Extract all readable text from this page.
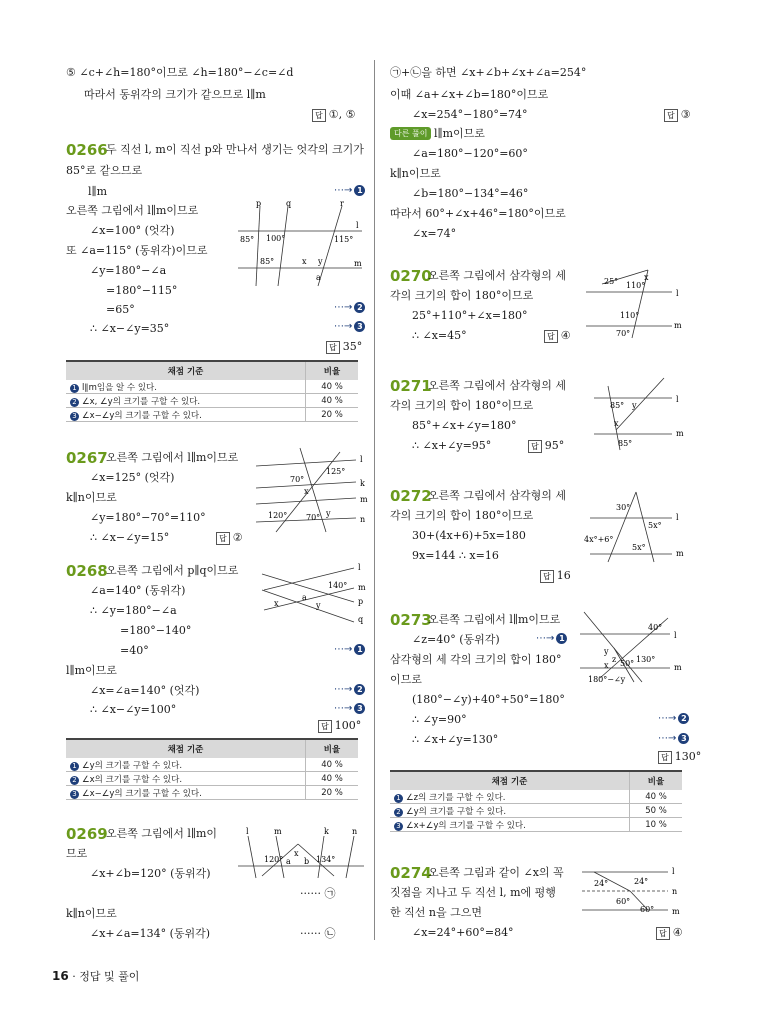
⑤ ∠c+∠h=180°이므로 ∠h=180°−∠c=∠d
따라서 동위각의 크기가 같으므로 l∥m
답 ①, ⑤
0266
두 직선 l, m이 직선 p와 만나서 생기는 엇각의 크기가
85°로 같으므로
l∥m	⋯→ 1
오른쪽 그림에서 l∥m이므로
∠x=100° (엇각)
또 ∠a=115° (동위각)이므로
∠y=180°−∠a
=180°−115°
=65°	⋯→ 2
∴ ∠x−∠y=35°	⋯→ 3
답 35°
p	q	r
l
m
85° 100°	115°
85°	x y
a
채점 기준	비율
1 l∥m임을 알 수 있다.	40 %
2 ∠x, ∠y의 크기를 구할 수 있다.	40 %
3 ∠x−∠y의 크기를 구할 수 있다.	20 %
0267
오른쪽 그림에서 l∥m이므로
∠x=125° (엇각)
k∥n이므로
∠y=180°−70°=110°
∴ ∠x−∠y=15°	답 ②
l
k
m
n
125°
70°
x
120° 70° y
0268
오른쪽 그림에서 p∥q이므로
∠a=140° (동위각)
∴ ∠y=180°−∠a
=180°−140°
=40°	⋯→ 1
l∥m이므로
∠x=∠a=140° (엇각)	⋯→ 2
∴ ∠x−∠y=100°	⋯→ 3
답 100°
l
m
p
q
140°
x
a
y
채점 기준	비율
1 ∠y의 크기를 구할 수 있다.	40 %
2 ∠x의 크기를 구할 수 있다.	40 %
3 ∠x−∠y의 크기를 구할 수 있다.	20 %
0269
오른쪽 그림에서 l∥m이
므로
∠x+∠b=120° (동위각)
······ ㉠
k∥n이므로
∠x+∠a=134° (동위각)	······ ㉡
l	m	k	n
120°
x
a b 134°
㉠+㉡을 하면 ∠x+∠b+∠x+∠a=254°
이때 ∠a+∠x+∠b=180°이므로
∠x=254°−180°=74°	답 ③
다른 풀이 l∥m이므로
∠a=180°−120°=60°
k∥n이므로
∠b=180°−134°=46°
따라서 60°+∠x+46°=180°이므로
∠x=74°
0270
오른쪽 그림에서 삼각형의 세
각의 크기의 합이 180°이므로
25°+110°+∠x=180°
∴ ∠x=45°	답 ④
25° 110°
x
l
110°
70°
m
0271
오른쪽 그림에서 삼각형의 세
각의 크기의 합이 180°이므로
85°+∠x+∠y=180°
∴ ∠x+∠y=95°	답 95°
85° y
l
x
85°
m
0272
오른쪽 그림에서 삼각형의 세
각의 크기의 합이 180°이므로
30+(4x+6)+5x=180
9x=144 ∴ x=16
답 16
30°
l
5x°
4x°+6°
5x°
m
0273
오른쪽 그림에서 l∥m이므로
∠z=40° (동위각)	⋯→ 1
삼각형의 세 각의 크기의 합이 180°
이므로
(180°−∠y)+40°+50°=180°
∴ ∠y=90°	⋯→ 2
∴ ∠x+∠y=130°	⋯→ 3
답 130°
40°
l
y
z
x 50° 130°
180°−∠y
m
채점 기준	비율
1 ∠z의 크기를 구할 수 있다.	40 %
2 ∠y의 크기를 구할 수 있다.	50 %
3 ∠x+∠y의 크기를 구할 수 있다.	10 %
0274
오른쪽 그림과 같이 ∠x의 꼭
짓점을 지나고 두 직선 l, m에 평행
한 직선 n을 그으면
∠x=24°+60°=84°	답 ④
l
24°	24°
n
60°
60° m
16 · 정답 및 풀이
